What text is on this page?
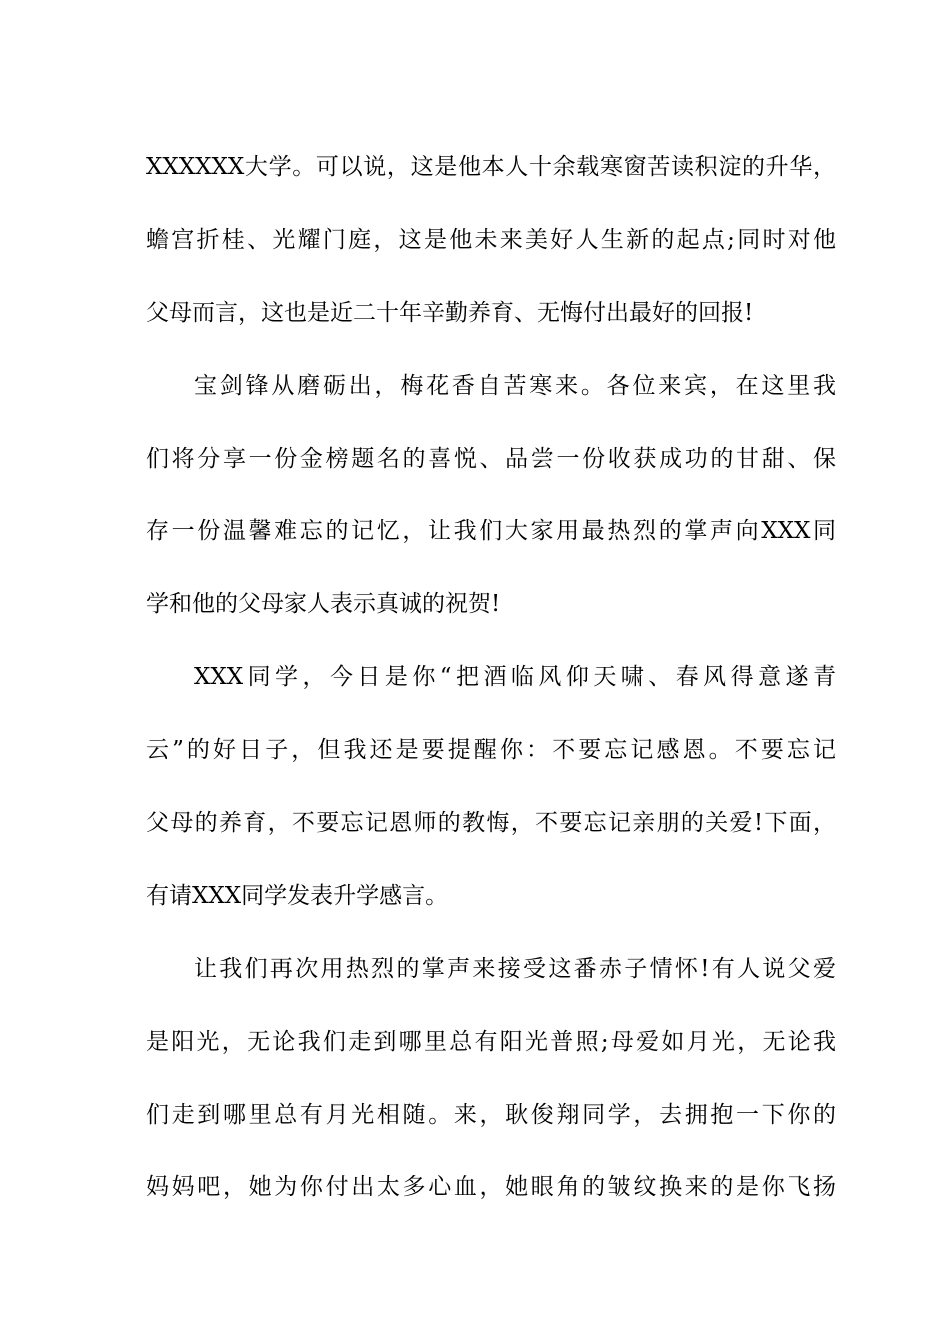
XXXXXX大学。可以说，这是他本人十余载寒窗苦读积淀的升华，
蟾宫折桂、光耀门庭，这是他未来美好人生新的起点;同时对他
父母而言，这也是近二十年辛勤养育、无悔付出最好的回报!
宝剑锋从磨砺出，梅花香自苦寒来。各位来宾，在这里我
们将分享一份金榜题名的喜悦、品尝一份收获成功的甘甜、保
存一份温馨难忘的记忆，让我们大家用最热烈的掌声向XXX同
学和他的父母家人表示真诚的祝贺!
XXX同学，今日是你“把酒临风仰天啸、春风得意遂青
云”的好日子，但我还是要提醒你：不要忘记感恩。不要忘记
父母的养育，不要忘记恩师的教悔，不要忘记亲朋的关爱!下面，
有请XXX同学发表升学感言。
让我们再次用热烈的掌声来接受这番赤子情怀!有人说父爱
是阳光，无论我们走到哪里总有阳光普照;母爱如月光，无论我
们走到哪里总有月光相随。来，耿俊翔同学，去拥抱一下你的
妈妈吧，她为你付出太多心血，她眼角的皱纹换来的是你飞扬
